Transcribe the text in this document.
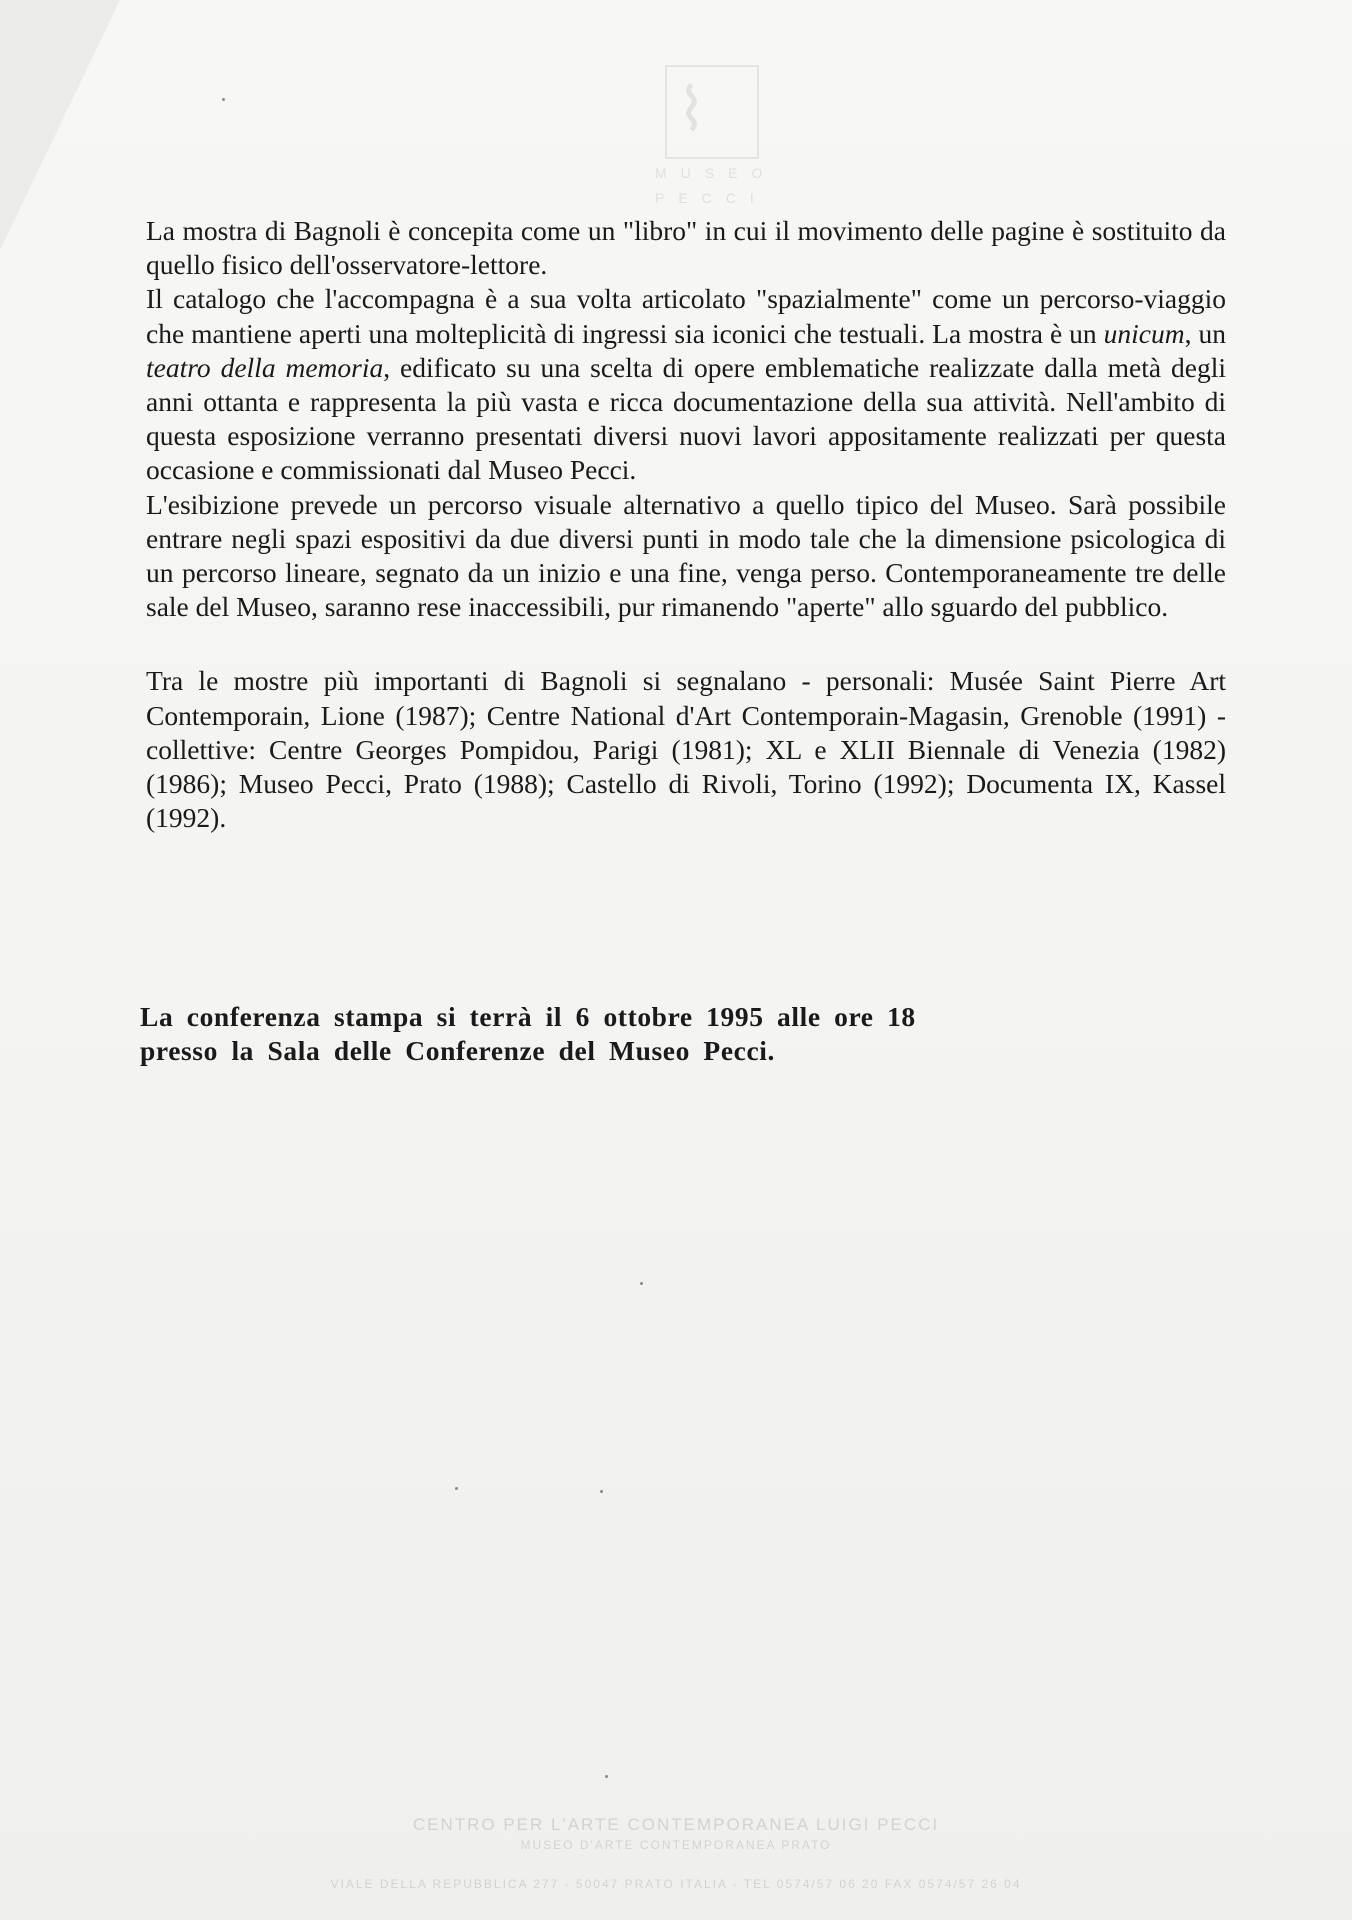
⌇
MUSEO
PECCI

La mostra di Bagnoli è concepita come un "libro" in cui il movimento delle pagine è sostituito da quello fisico dell'osservatore-lettore.

Il catalogo che l'accompagna è a sua volta articolato "spazialmente" come un percorso-viaggio che mantiene aperti una molteplicità di ingressi sia iconici che testuali. La mostra è un unicum, un teatro della memoria, edificato su una scelta di opere emblematiche realizzate dalla metà degli anni ottanta e rappresenta la più vasta e ricca documentazione della sua attività. Nell'ambito di questa esposizione verranno presentati diversi nuovi lavori appositamente realizzati per questa occasione e commissionati dal Museo Pecci.

L'esibizione prevede un percorso visuale alternativo a quello tipico del Museo. Sarà possibile entrare negli spazi espositivi da due diversi punti in modo tale che la dimensione psicologica di un percorso lineare, segnato da un inizio e una fine, venga perso. Contemporaneamente tre delle sale del Museo, saranno rese inaccessibili, pur rimanendo "aperte" allo sguardo del pubblico.

Tra le mostre più importanti di Bagnoli si segnalano - personali: Musée Saint Pierre Art Contemporain, Lione (1987); Centre National d'Art Contemporain-Magasin, Grenoble (1991) - collettive: Centre Georges Pompidou, Parigi (1981); XL e XLII Biennale di Venezia (1982) (1986); Museo Pecci, Prato (1988); Castello di Rivoli, Torino (1992); Documenta IX, Kassel (1992).

La conferenza stampa si terrà il 6 ottobre 1995 alle ore 18

presso la Sala delle Conferenze del Museo Pecci.

CENTRO PER L'ARTE CONTEMPORANEA LUIGI PECCI
MUSEO D'ARTE CONTEMPORANEA PRATO
VIALE DELLA REPUBBLICA 277 - 50047 PRATO ITALIA - TEL 0574/57 06 20 FAX 0574/57 26 04
